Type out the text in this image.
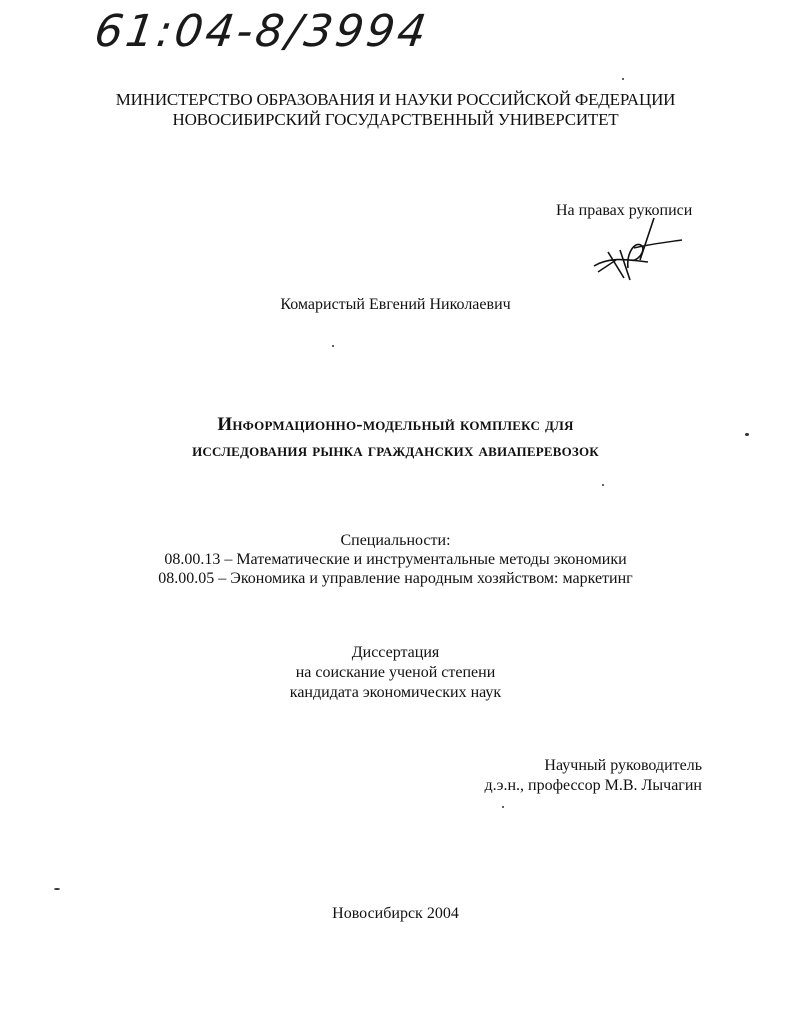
61:04-8/3994
МИНИСТЕРСТВО ОБРАЗОВАНИЯ И НАУКИ РОССИЙСКОЙ ФЕДЕРАЦИИ
НОВОСИБИРСКИЙ ГОСУДАРСТВЕННЫЙ УНИВЕРСИТЕТ
На правах рукописи
Комаристый Евгений Николаевич
Информационно-модельный комплекс для
исследования рынка гражданских авиаперевозок
Специальности:
08.00.13 – Математические и инструментальные методы экономики
08.00.05 – Экономика и управление народным хозяйством: маркетинг
Диссертация
на соискание ученой степени
кандидата экономических наук
Научный руководитель
д.э.н., профессор М.В. Лычагин
Новосибирск 2004
